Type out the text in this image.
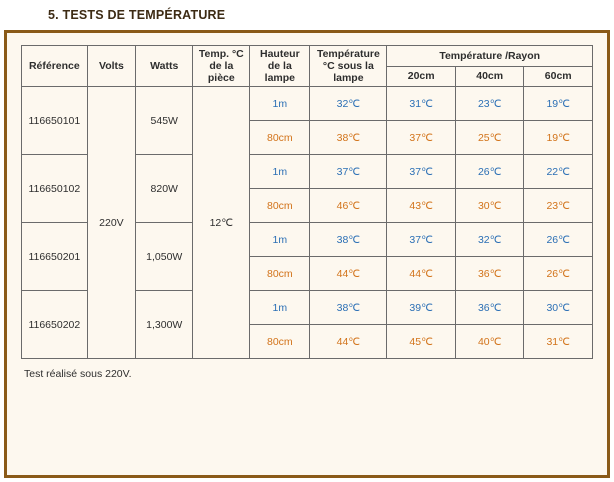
5. TESTS DE TEMPÉRATURE
Référence	Volts	Watts	Temp. °C
de la
pièce	Hauteur
de la
lampe	Température
°C sous la
lampe	Température /Rayon		
						20cm	40cm	60cm
116650101	220V	545W	12℃	1m	32℃	31℃	23℃	19℃
				80cm	38℃	37℃	25℃	19℃
116650102		820W		1m	37℃	37℃	26℃	22℃
				80cm	46℃	43℃	30℃	23℃
116650201		1,050W		1m	38℃	37℃	32℃	26℃
				80cm	44℃	44℃	36℃	26℃
116650202		1,300W		1m	38℃	39℃	36℃	30℃
				80cm	44℃	45℃	40℃	31℃
Test réalisé sous 220V.
